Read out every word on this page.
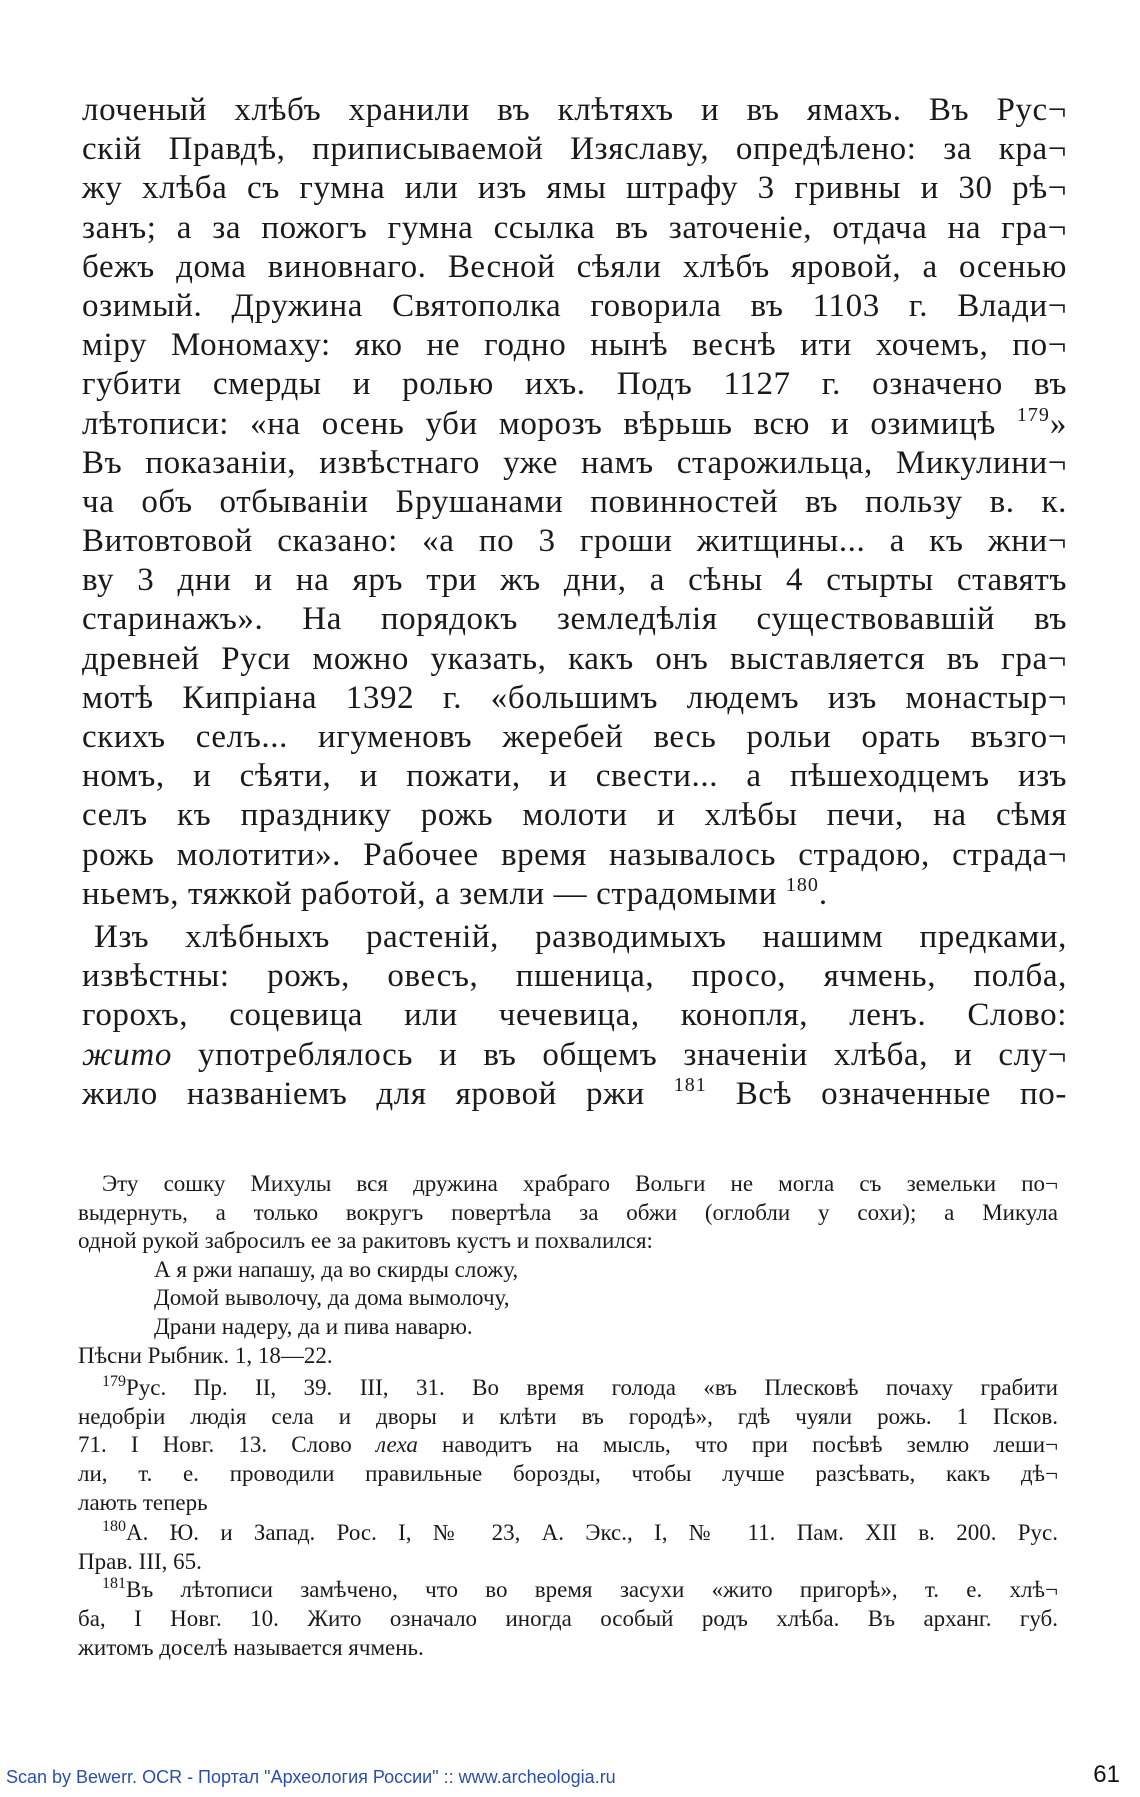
лоченый хлѣбъ хранили въ клѣтяхъ и въ ямахъ. Въ Рус¬
скій Правдѣ, приписываемой Изяславу, опредѣлено: за кра¬
жу хлѣба съ гумна или изъ ямы штрафу 3 гривны и 30 рѣ¬
занъ; а за пожогъ гумна ссылка въ заточеніе, отдача на гра¬
бежъ дома виновнаго. Весной сѣяли хлѣбъ яровой, а осенью
озимый. Дружина Святополка говорила въ 1103 г. Влади¬
міру Мономаху: яко не годно нынѣ веснѣ ити хочемъ, по¬
губити смерды и ролью ихъ. Подъ 1127 г. означено въ
лѣтописи: «на осень уби морозъ вѣрьшь всю и озимицѣ $^{179}$»
Въ показаніи, извѣстнаго уже намъ старожильца, Микулини¬
ча объ отбываніи Брушанами повинностей въ пользу в. к.
Витовтовой сказано: «а по 3 гроши житщины... а къ жни¬
ву 3 дни и на яръ три жъ дни, а сѣны 4 стырты ставятъ
старинажъ». На порядокъ земледѣлія существовавшій въ
древней Руси можно указать, какъ онъ выставляется въ гра¬
мотѣ Кипріана 1392 г. «большимъ людемъ изъ монастыр¬
скихъ селъ... игуменовъ жеребей весь рольи орать възго¬
номъ, и сѣяти, и пожати, и свести... а пѣшеходцемъ изъ
селъ къ празднику рожь молоти и хлѣбы печи, на сѣмя
рожь молотити». Рабочее время называлось страдою, страда¬
ньемъ, тяжкой работой, а земли — страдомыми $^{180}$.
Изъ хлѣбныхъ растеній, разводимыхъ нашимм предками,
извѣстны: рожъ, овесъ, пшеница, просо, ячмень, полба,
горохъ, соцевица или чечевица, конопля, ленъ. Слово:
жито употреблялось и въ общемъ значеніи хлѣба, и слу¬
жило названіемъ для яровой ржи $^{181}$ Всѣ означенные по-
Эту сошку Михулы вся дружина храбраго Вольги не могла съ земельки по¬
выдернуть, а только вокругъ повертѣла за обжи (оглобли у сохи); а Микула
одной рукой забросилъ ее за ракитовъ кустъ и похвалился:
А я ржи напашу, да во скирды сложу,
Домой выволочу, да дома вымолочу,
Драни надеру, да и пива наварю.
Пѣсни Рыбник. 1, 18—22.
$^{179}$Рус. Пр. II, 39. III, 31. Во время голода «въ Плесковѣ почаху грабити
недобріи людія села и дворы и клѣти въ городѣ», гдѣ чуяли рожь. 1 Псков.
71. I Новг. 13. Слово леха наводитъ на мысль, что при посѣвѣ землю леши¬
ли, т. е. проводили правильные борозды, чтобы лучше разсѣвать, какъ дѣ¬
лають теперь
$^{180}$А. Ю. и Запад. Рос. I, № 23, А. Экс., I, № 11. Пам. XII в. 200. Рус.
Прав. III, 65.
$^{181}$Въ лѣтописи замѣчено, что во время засухи «жито пригорѣ», т. е. хлѣ¬
ба, I Новг. 10. Жито означало иногда особый родъ хлѣба. Въ арханг. губ.
житомъ доселѣ называется ячмень.
Scan by Bewerr. OCR - Портал "Археология России" :: www.archeologia.ru	61
